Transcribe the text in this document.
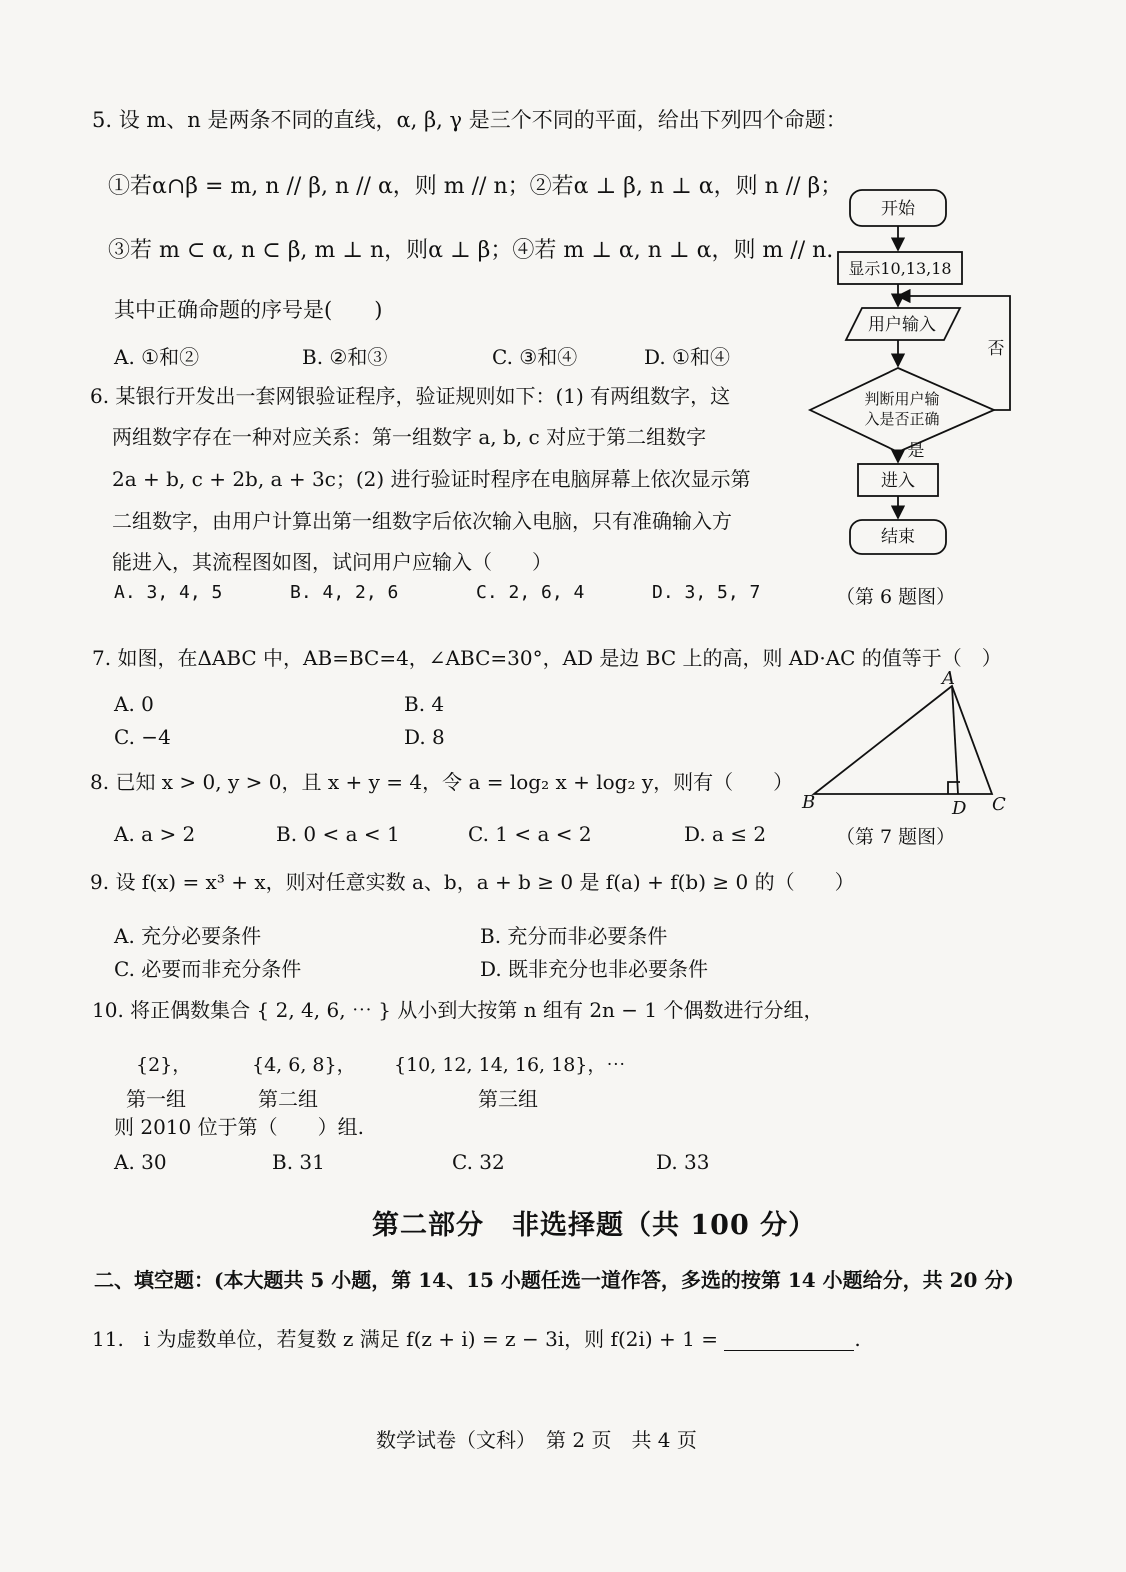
5. 设 m、n 是两条不同的直线，α, β, γ 是三个不同的平面，给出下列四个命题：
①若α∩β = m, n // β, n // α，则 m // n；②若α ⊥ β, n ⊥ α，则 n // β；
③若 m ⊂ α, n ⊂ β, m ⊥ n，则α ⊥ β；④若 m ⊥ α, n ⊥ α，则 m // n.
其中正确命题的序号是(　　)
A. ①和②	B. ②和③	C. ③和④	D. ①和④
6. 某银行开发出一套网银验证程序，验证规则如下：(1) 有两组数字，这
两组数字存在一种对应关系：第一组数字 a, b, c 对应于第二组数字
2a + b, c + 2b, a + 3c；(2) 进行验证时程序在电脑屏幕上依次显示第
二组数字，由用户计算出第一组数字后依次输入电脑，只有准确输入方
能进入，其流程图如图，试问用户应输入（　　）
A. 3, 4, 5	B. 4, 2, 6	C. 2, 6, 4	D. 3, 5, 7	（第 6 题图）
开始
显示10,13,18
用户输入
判断用户输
入是否正确
否
是
进入
结束
7. 如图，在ΔABC 中，AB=BC=4，∠ABC=30°，AD 是边 BC 上的高，则 AD·AC 的值等于（　）
A. 0	B. 4
C. −4	D. 8
A
B	C
D
8. 已知 x > 0, y > 0，且 x + y = 4，令 a = log₂ x + log₂ y，则有（　　）
A. a > 2	B. 0 < a < 1	C. 1 < a < 2	D. a ≤ 2	（第 7 题图）
9. 设 f(x) = x³ + x，则对任意实数 a、b，a + b ≥ 0 是 f(a) + f(b) ≥ 0 的（　　）
A. 充分必要条件	B. 充分而非必要条件
C. 必要而非充分条件	D. 既非充分也非必要条件
10. 将正偶数集合 { 2, 4, 6, ⋯ } 从小到大按第 n 组有 2n − 1 个偶数进行分组，
{2}，	{4, 6, 8}， {10, 12, 14, 16, 18}，⋯
第一组	第二组	第三组
则 2010 位于第（　　）组.
A. 30	B. 31	C. 32	D. 33
第二部分　非选择题（共 100 分）
二、填空题：(本大题共 5 小题，第 14、15 小题任选一道作答，多选的按第 14 小题给分，共 20 分)
11.　i 为虚数单位，若复数 z 满足 f(z + i) = z − 3i，则 f(2i) + 1 =	.
数学试卷（文科）　第 2 页　共 4 页
